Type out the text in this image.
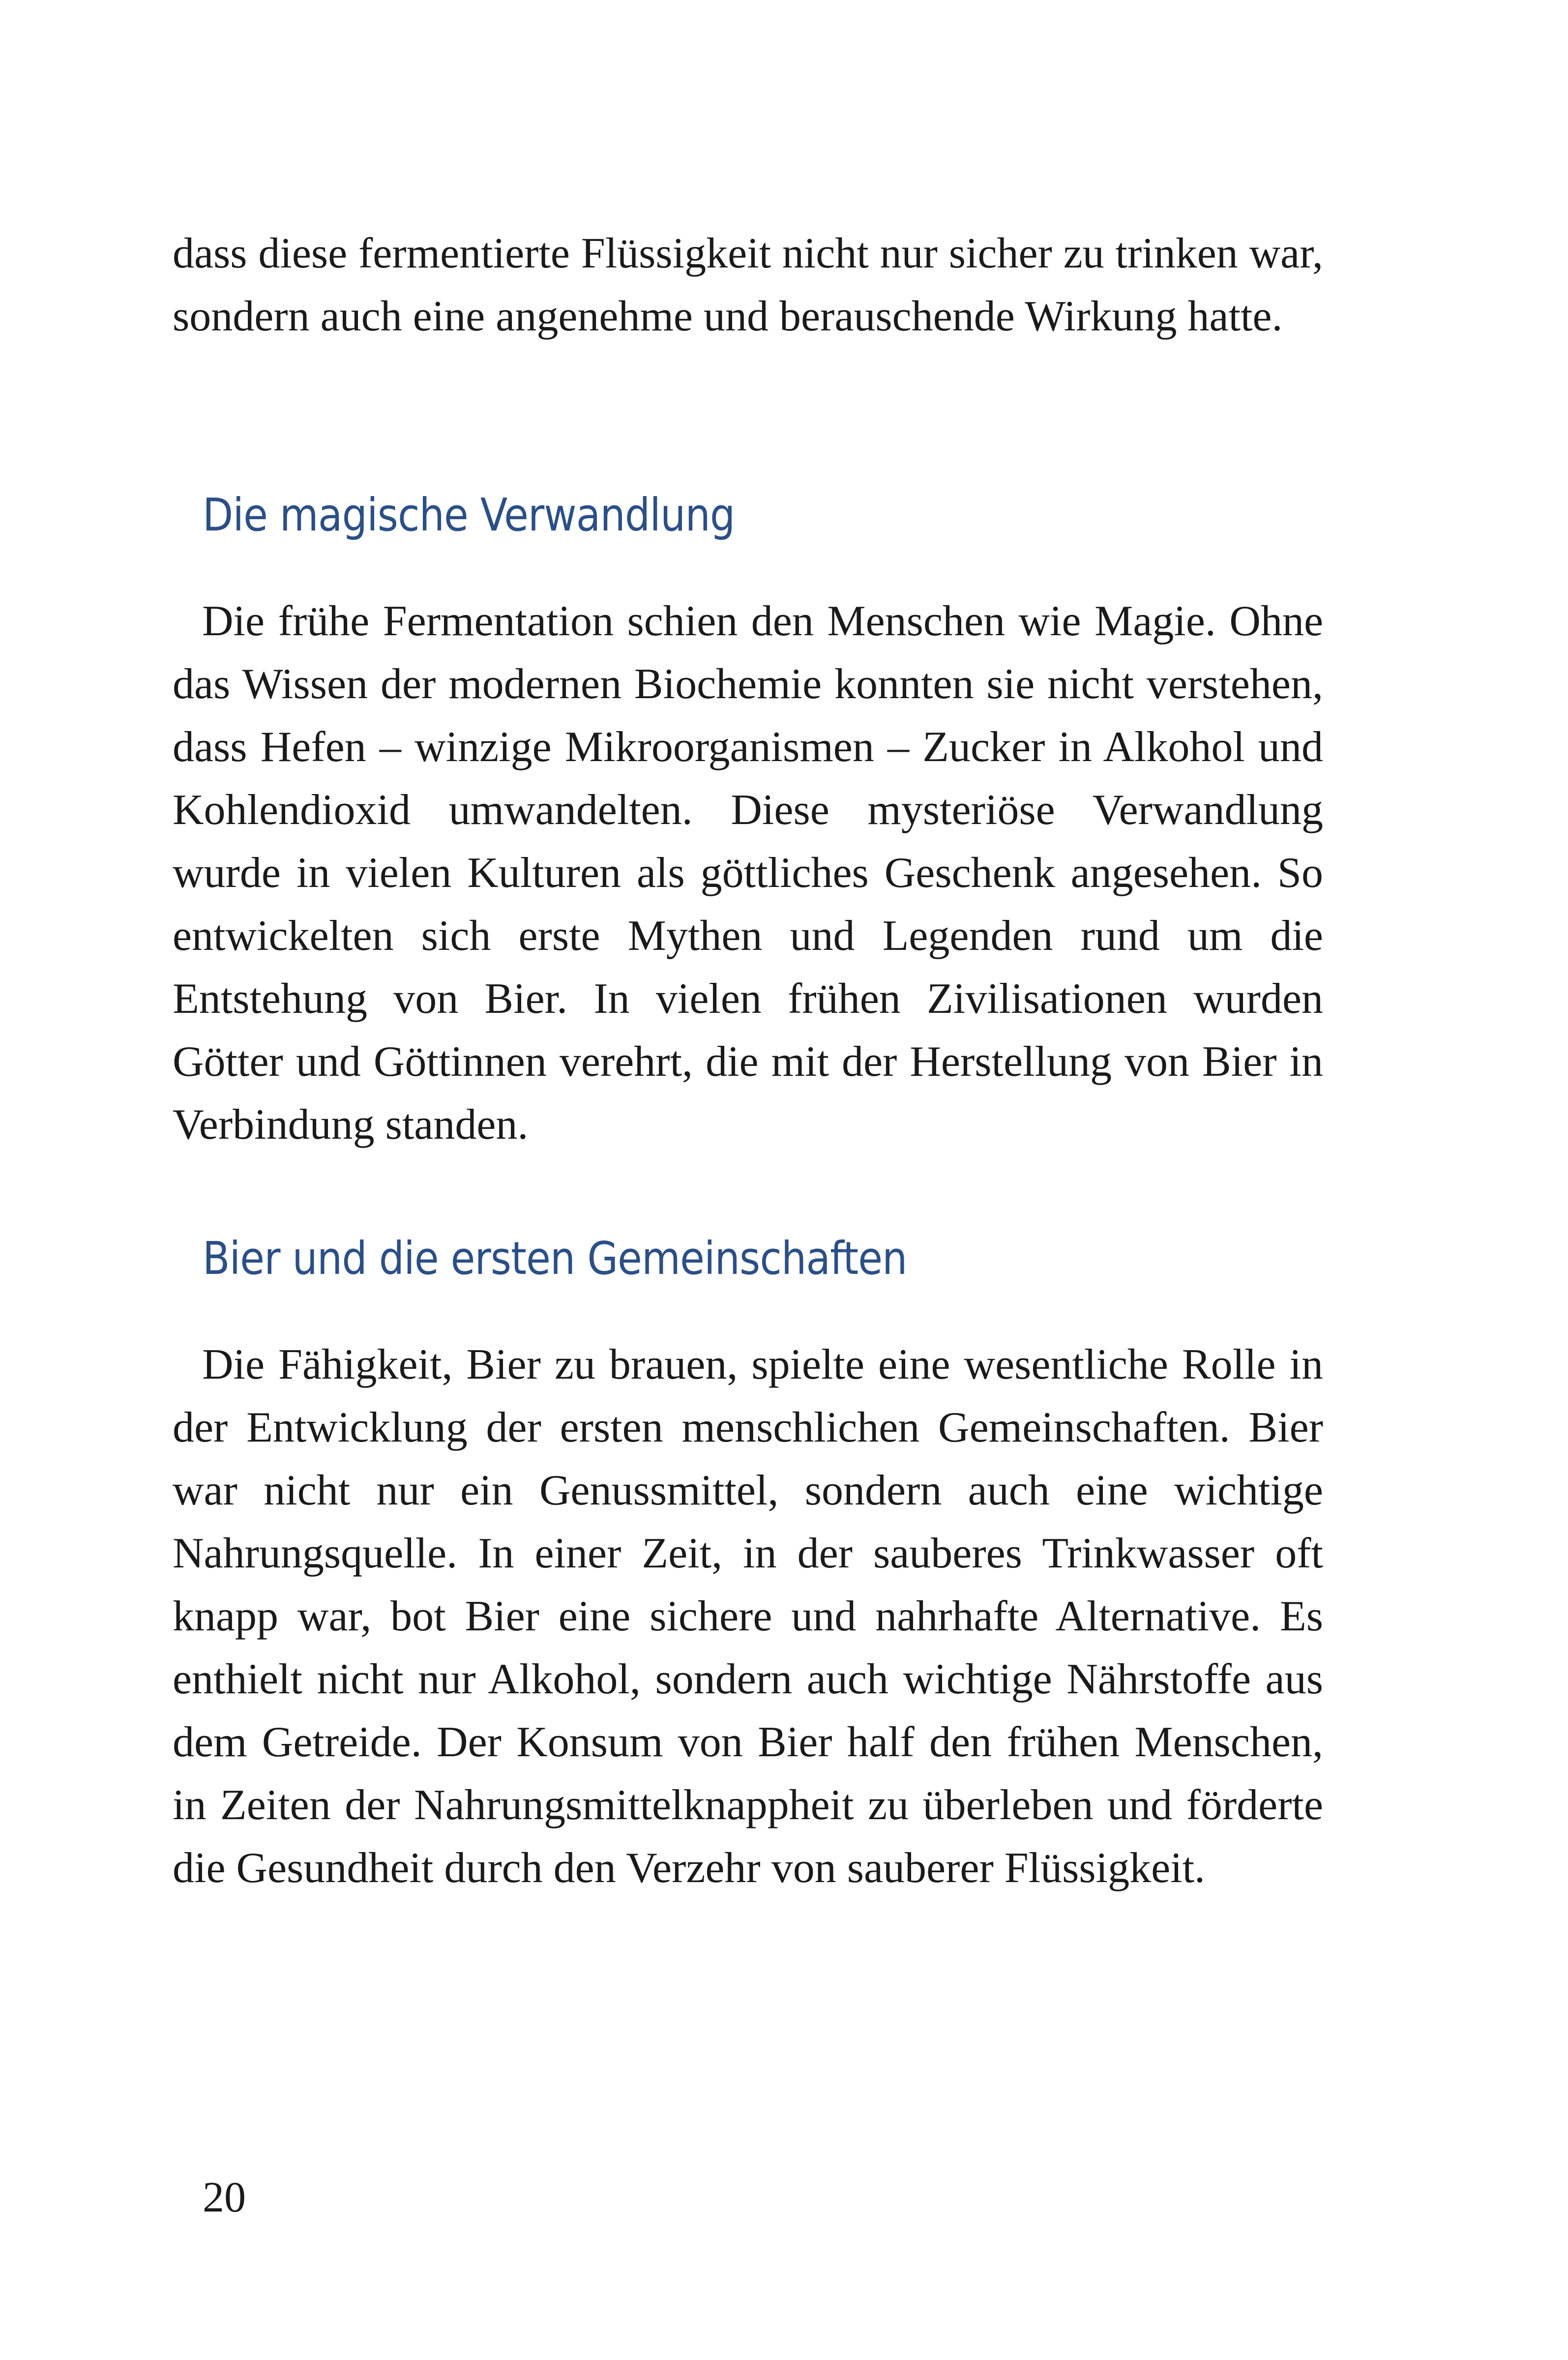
dass diese fermentierte Flüssigkeit nicht nur sicher zu trinken war, sondern auch eine angenehme und berauschende Wirkung hatte.

Die magische Verwandlung

Die frühe Fermentation schien den Menschen wie Magie. Ohne das Wissen der modernen Biochemie konnten sie nicht verstehen, dass Hefen – winzige Mikroorganismen – Zucker in Alkohol und Kohlendioxid umwandelten. Diese mysteriöse Verwandlung wurde in vielen Kulturen als göttliches Geschenk angesehen. So entwickelten sich erste Mythen und Legenden rund um die Entstehung von Bier. In vielen frühen Zivilisationen wurden Götter und Göttinnen verehrt, die mit der Herstellung von Bier in Verbindung standen.

Bier und die ersten Gemeinschaften

Die Fähigkeit, Bier zu brauen, spielte eine wesentliche Rolle in der Entwicklung der ersten menschlichen Gemeinschaften. Bier war nicht nur ein Genussmittel, sondern auch eine wichtige Nahrungsquelle. In einer Zeit, in der sauberes Trinkwasser oft knapp war, bot Bier eine sichere und nahrhafte Alternative. Es enthielt nicht nur Alkohol, sondern auch wichtige Nährstoffe aus dem Getreide. Der Konsum von Bier half den frühen Menschen, in Zeiten der Nahrungsmittelknappheit zu überleben und förderte die Gesundheit durch den Verzehr von sauberer Flüssigkeit.

20
